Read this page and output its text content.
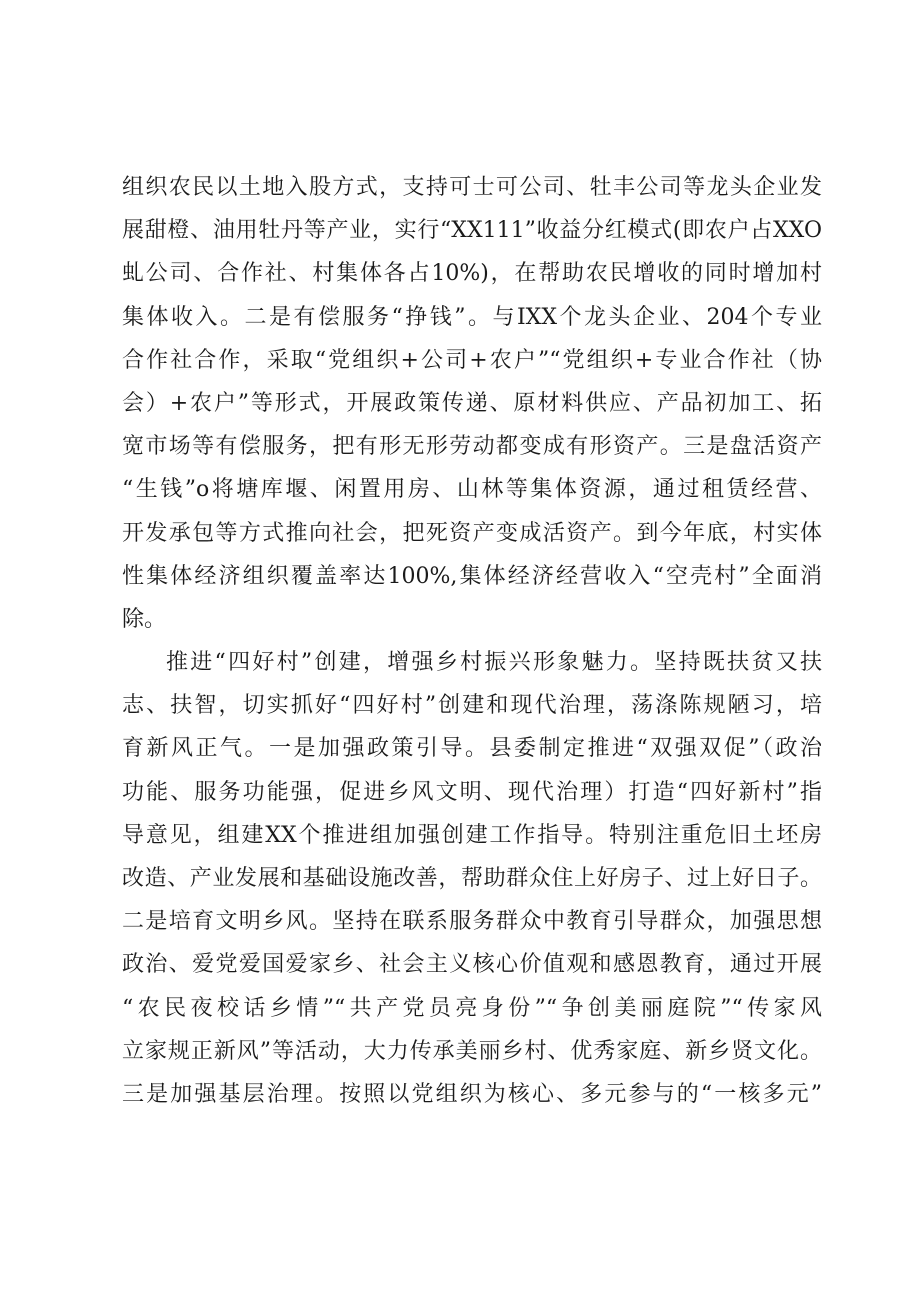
组织农民以土地入股方式，支持可士可公司、牡丰公司等龙头企业发
展甜橙、油用牡丹等产业，实行“XX111”收益分红模式(即农户占XXO
虬公司、合作社、村集体各占10%)，在帮助农民增收的同时增加村
集体收入。二是有偿服务“挣钱”。与IXX个龙头企业、204个专业
合作社合作，采取“党组织+公司+农户”“党组织+专业合作社（协
会）+农户”等形式，开展政策传递、原材料供应、产品初加工、拓
宽市场等有偿服务，把有形无形劳动都变成有形资产。三是盘活资产
“生钱”o将塘库堰、闲置用房、山林等集体资源，通过租赁经营、
开发承包等方式推向社会，把死资产变成活资产。到今年底，村实体
性集体经济组织覆盖率达100%,集体经济经营收入“空壳村”全面消
除。
推进“四好村”创建，增强乡村振兴形象魅力。坚持既扶贫又扶
志、扶智，切实抓好“四好村”创建和现代治理，荡涤陈规陋习，培
育新风正气。一是加强政策引导。县委制定推进“双强双促”（政治
功能、服务功能强，促进乡风文明、现代治理）打造“四好新村”指
导意见，组建XX个推进组加强创建工作指导。特别注重危旧土坯房
改造、产业发展和基础设施改善，帮助群众住上好房子、过上好日子。
二是培育文明乡风。坚持在联系服务群众中教育引导群众，加强思想
政治、爱党爱国爱家乡、社会主义核心价值观和感恩教育，通过开展
“农民夜校话乡情”“共产党员亮身份”“争创美丽庭院”“传家风
立家规正新风”等活动，大力传承美丽乡村、优秀家庭、新乡贤文化。
三是加强基层治理。按照以党组织为核心、多元参与的“一核多元”
